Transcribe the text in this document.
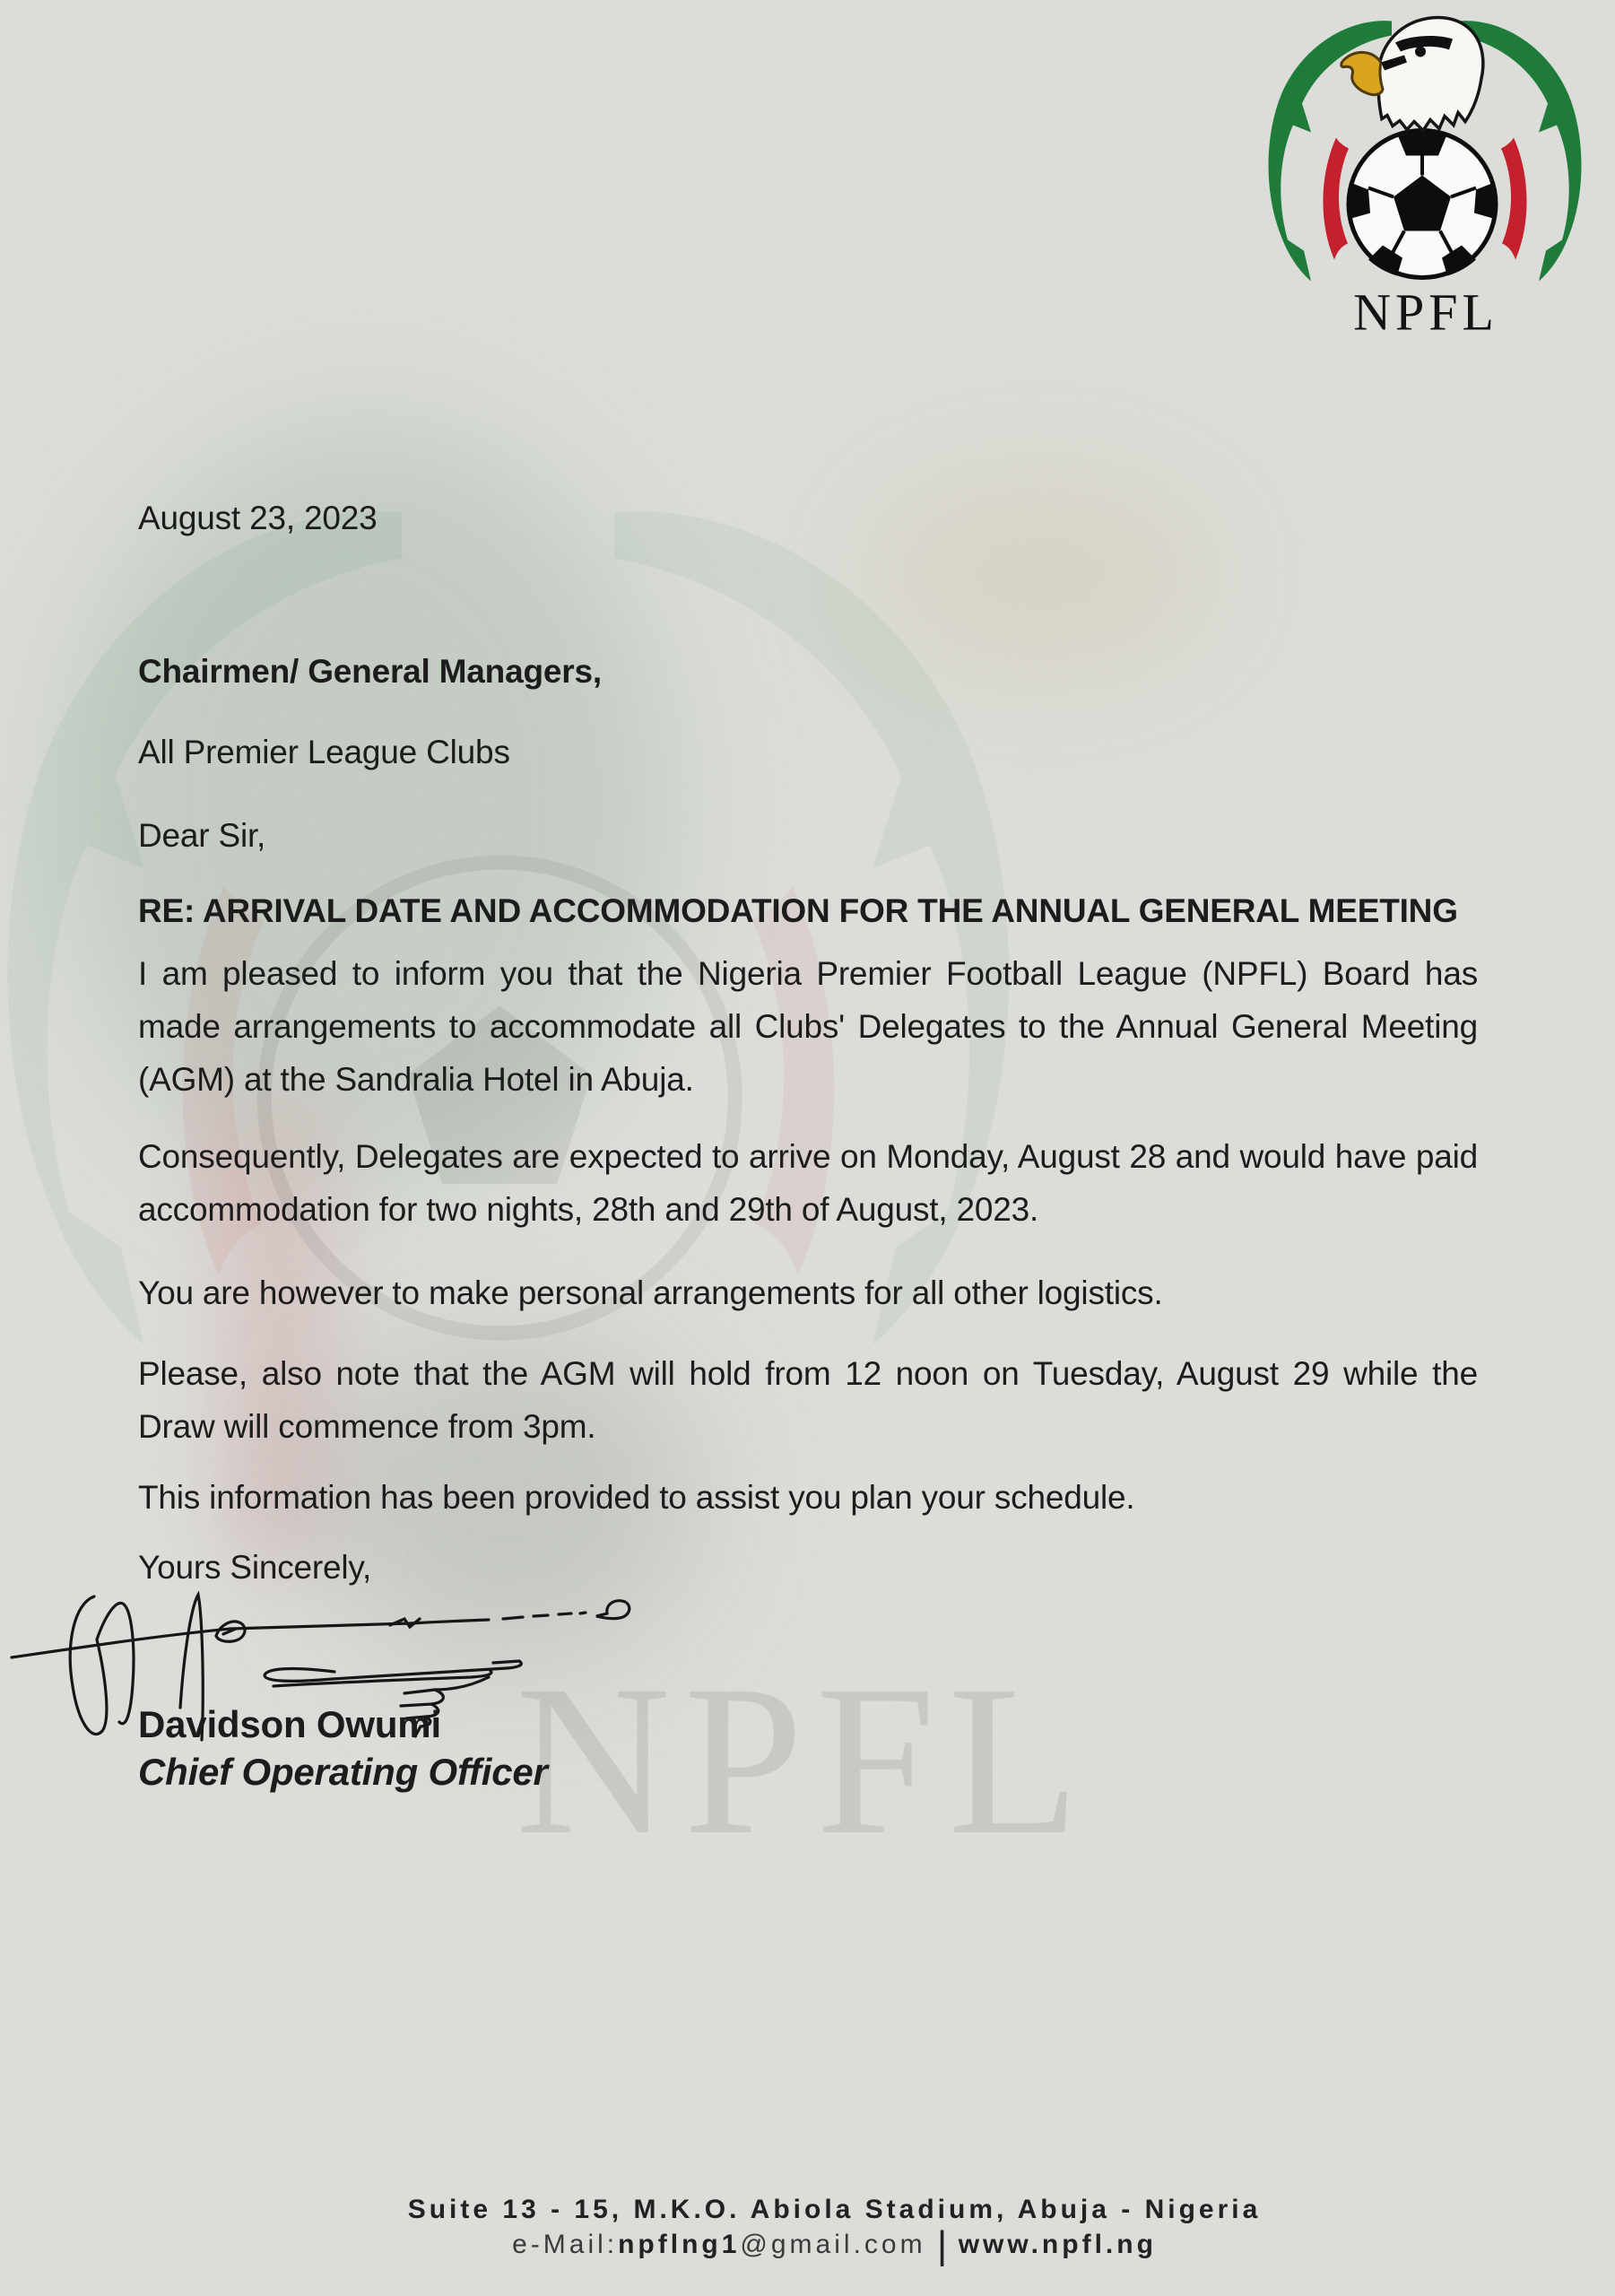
NPFL
NPFL
August 23, 2023
Chairmen/ General Managers,
All Premier League Clubs
Dear Sir,
RE: ARRIVAL DATE AND ACCOMMODATION FOR THE ANNUAL GENERAL MEETING
I am pleased to inform you that the Nigeria Premier Football League (NPFL) Board has made arrangements to accommodate all Clubs' Delegates to the Annual General Meeting (AGM) at the Sandralia Hotel in Abuja.
Consequently, Delegates are expected to arrive on Monday, August 28 and would have paid accommodation for two nights, 28th and 29th of August, 2023.
You are however to make personal arrangements for all other logistics.
Please, also note that the AGM will hold from 12 noon on Tuesday, August 29 while the Draw will commence from 3pm.
This information has been provided to assist you plan your schedule.
Yours Sincerely,
Davidson Owumi
Chief Operating Officer
Suite 13 - 15, M.K.O. Abiola Stadium, Abuja - Nigeria
e-Mail:npflng1@gmail.com | www.npfl.ng
